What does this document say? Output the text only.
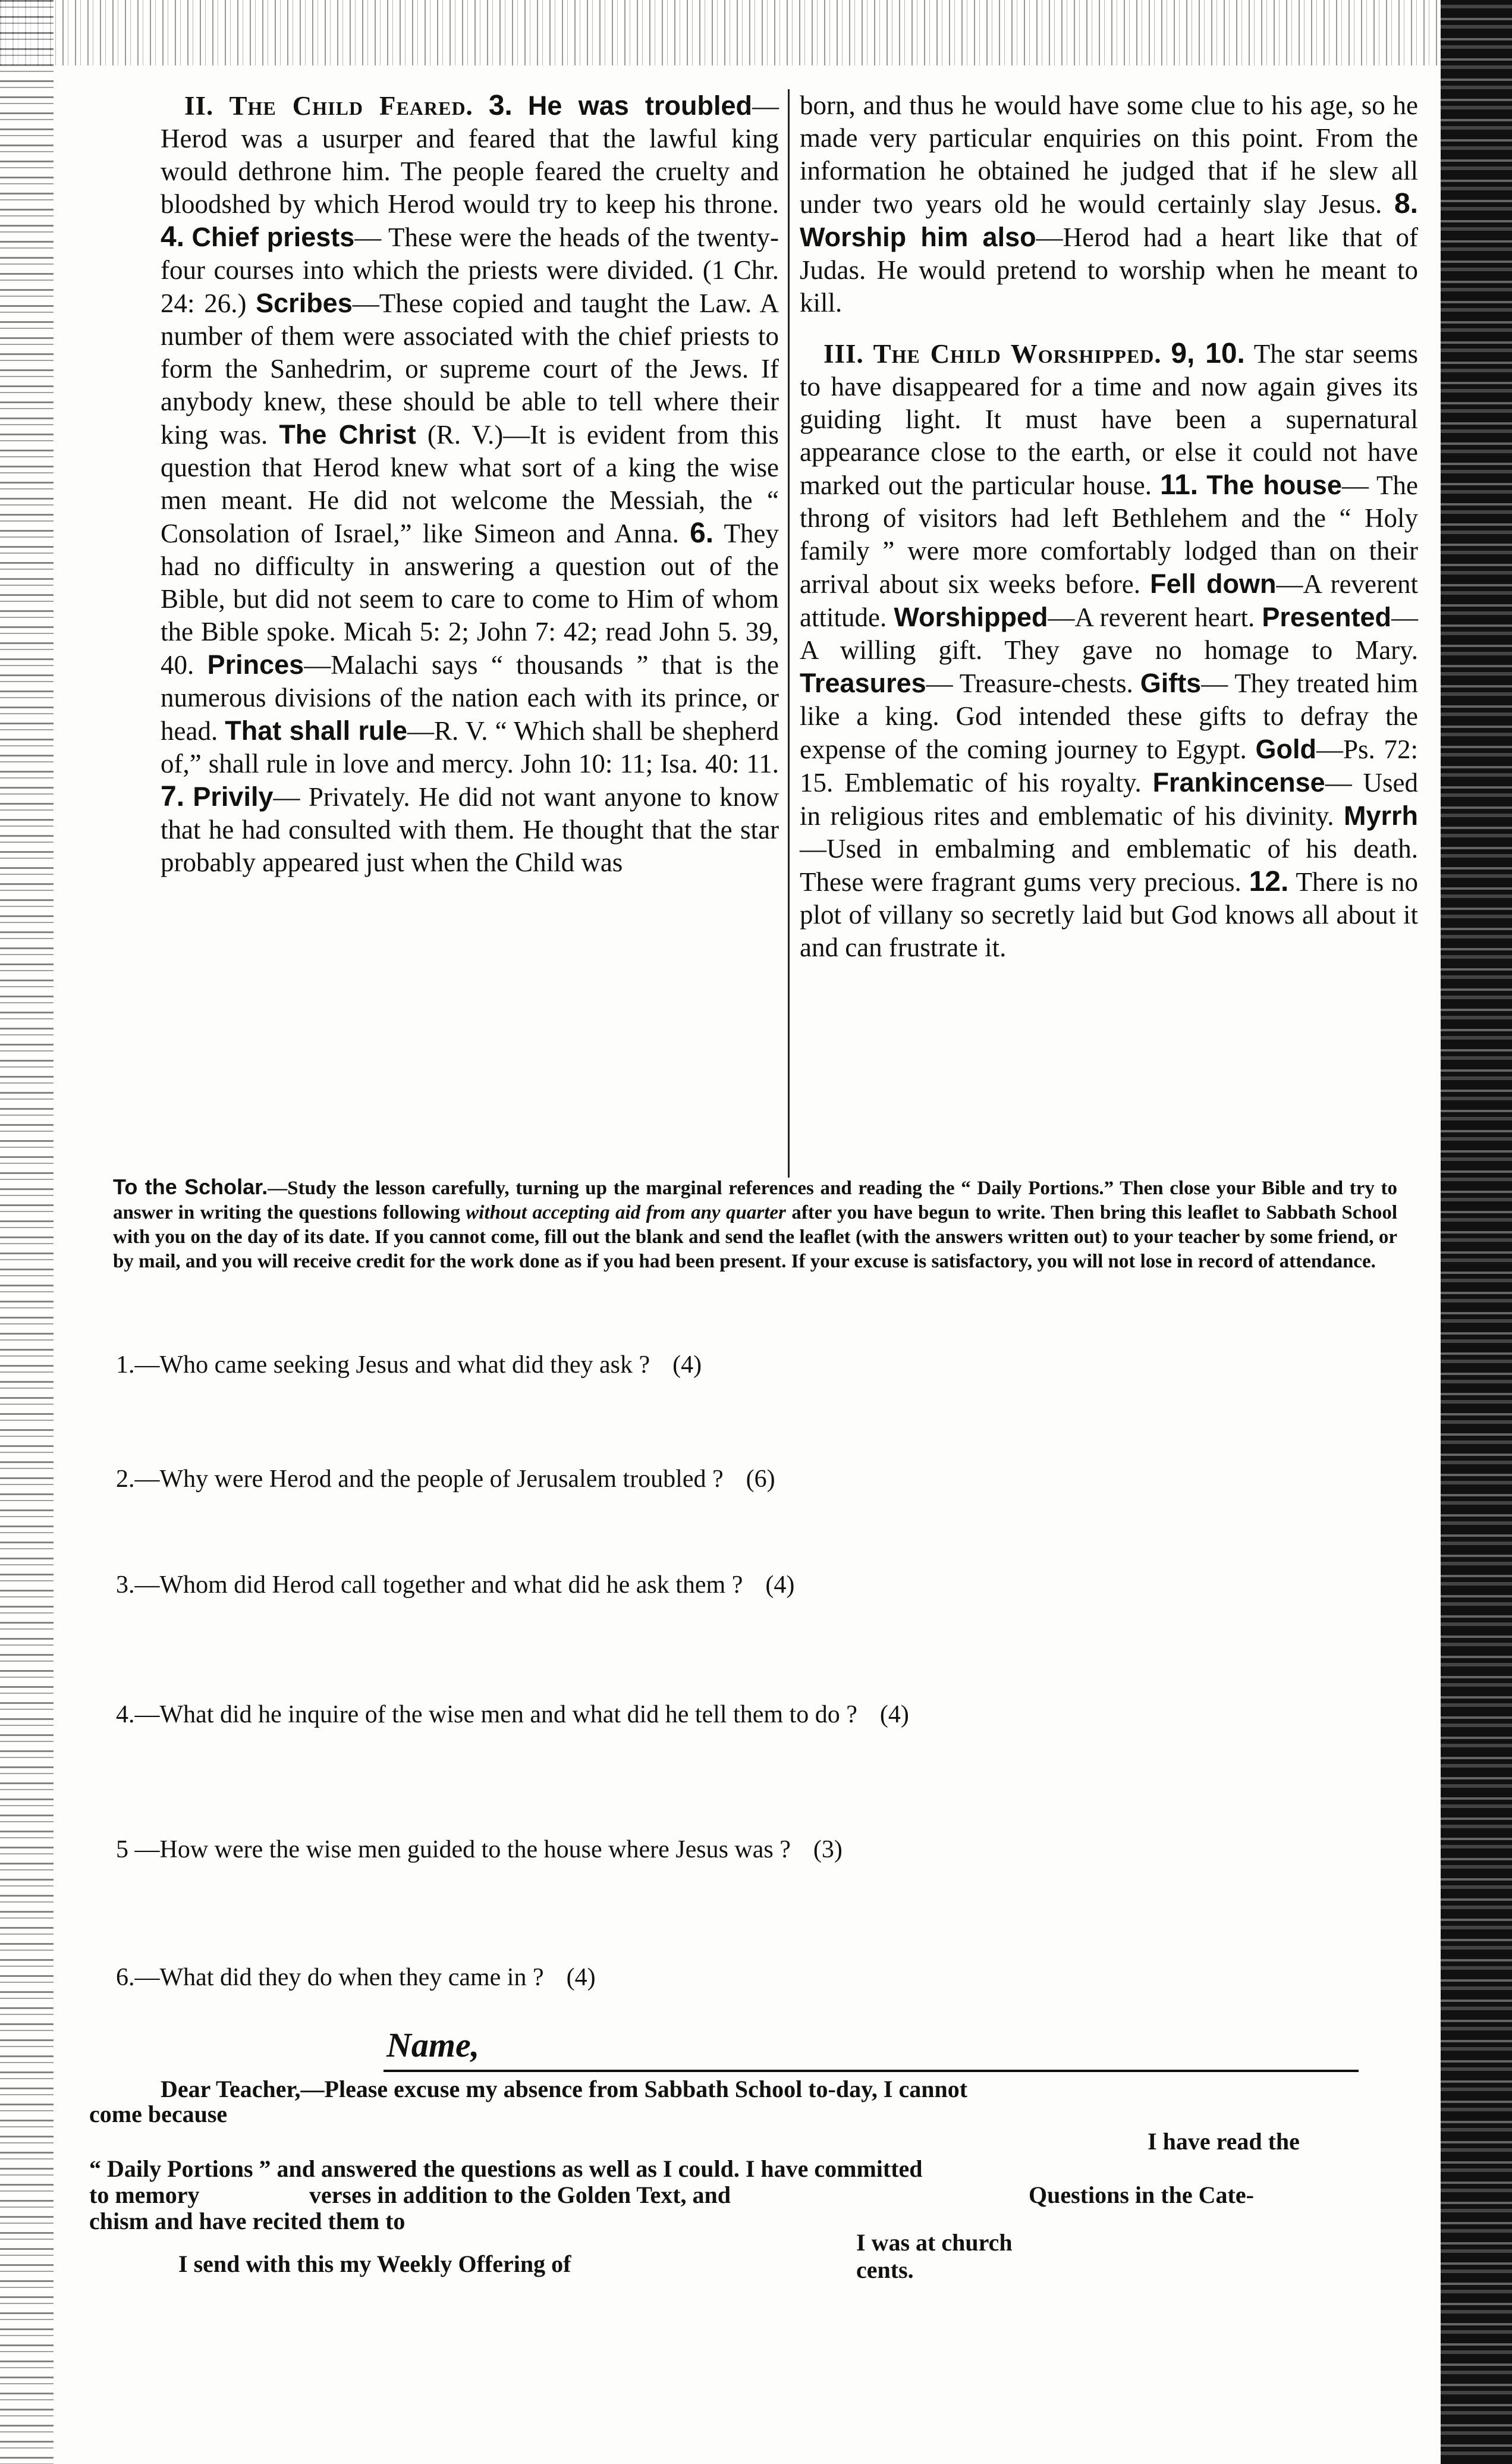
II. The Child Feared. 3. He was troubled—Herod was a usurper and feared that the lawful king would dethrone him. The people feared the cruelty and bloodshed by which Herod would try to keep his throne. 4. Chief priests— These were the heads of the twenty-four courses into which the priests were divided. (1 Chr. 24: 26.) Scribes—These copied and taught the Law. A number of them were associated with the chief priests to form the Sanhedrim, or supreme court of the Jews. If anybody knew, these should be able to tell where their king was. The Christ (R. V.)—It is evident from this question that Herod knew what sort of a king the wise men meant. He did not welcome the Messiah, the “ Consolation of Israel,” like Simeon and Anna. 6. They had no difficulty in answering a question out of the Bible, but did not seem to care to come to Him of whom the Bible spoke. Micah 5: 2; John 7: 42; read John 5. 39, 40. Princes—Malachi says “ thousands ” that is the numerous divisions of the nation each with its prince, or head. That shall rule—R. V. “ Which shall be shepherd of,” shall rule in love and mercy. John 10: 11; Isa. 40: 11. 7. Privily— Privately. He did not want anyone to know that he had consulted with them. He thought that the star probably appeared just when the Child was

born, and thus he would have some clue to his age, so he made very particular enquiries on this point. From the information he obtained he judged that if he slew all under two years old he would certainly slay Jesus. 8. Worship him also—Herod had a heart like that of Judas. He would pretend to worship when he meant to kill.

III. The Child Worshipped. 9, 10. The star seems to have disappeared for a time and now again gives its guiding light. It must have been a supernatural appearance close to the earth, or else it could not have marked out the particular house. 11. The house— The throng of visitors had left Bethlehem and the “ Holy family ” were more comfortably lodged than on their arrival about six weeks before. Fell down—A reverent attitude. Worshipped—A reverent heart. Presented—A willing gift. They gave no homage to Mary. Treasures— Treasure-chests. Gifts— They treated him like a king. God intended these gifts to defray the expense of the coming journey to Egypt. Gold—Ps. 72: 15. Emblematic of his royalty. Frankincense— Used in religious rites and emblematic of his divinity. Myrrh—Used in embalming and emblematic of his death. These were fragrant gums very precious. 12. There is no plot of villany so secretly laid but God knows all about it and can frustrate it.

To the Scholar.—Study the lesson carefully, turning up the marginal references and reading the “ Daily Portions.” Then close your Bible and try to answer in writing the questions following without accepting aid from any quarter after you have begun to write. Then bring this leaflet to Sabbath School with you on the day of its date. If you cannot come, fill out the blank and send the leaflet (with the answers written out) to your teacher by some friend, or by mail, and you will receive credit for the work done as if you had been present. If your excuse is satisfactory, you will not lose in record of attendance.
1.—Who came seeking Jesus and what did they ask ? (4)
2.—Why were Herod and the people of Jerusalem troubled ? (6)
3.—Whom did Herod call together and what did he ask them ? (4)
4.—What did he inquire of the wise men and what did he tell them to do ? (4)
5 —How were the wise men guided to the house where Jesus was ? (3)
6.—What did they do when they came in ? (4)
Name,
Dear Teacher,—Please excuse my absence from Sabbath School to-day, I cannot
come because
I have read the
“ Daily Portions ” and answered the questions as well as I could. I have committed
to memory	verses in addition to the Golden Text, and	Questions in the Cate-
chism and have recited them to
I was at church
I send with this my Weekly Offering of	cents.
